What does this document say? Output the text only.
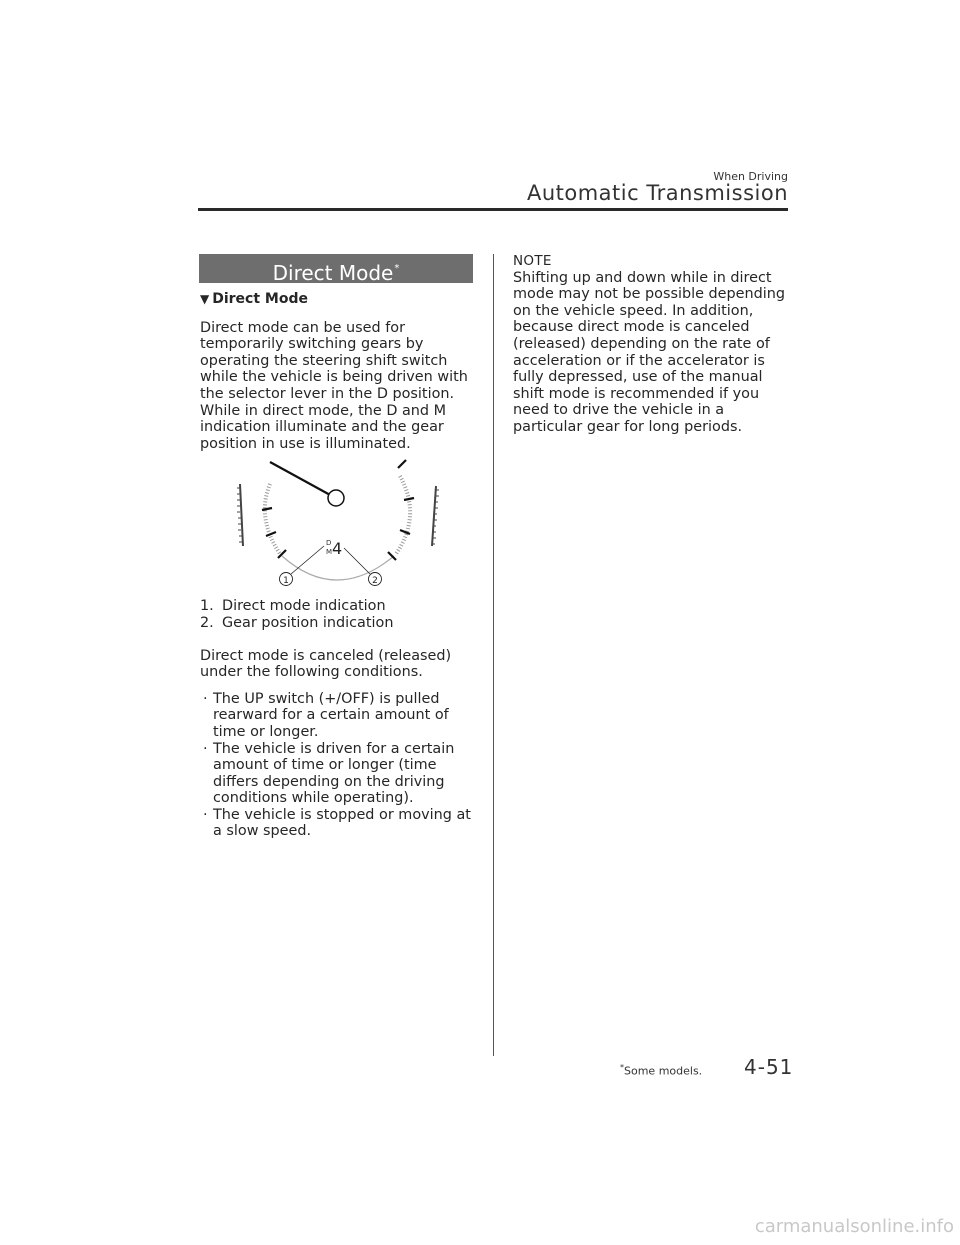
When Driving
Automatic Transmission
Direct Mode*
▼ Direct Mode

Direct mode can be used for temporarily switching gears by operating the steering shift switch while the vehicle is being driven with the selector lever in the D position. While in direct mode, the D and M indication illuminate and the gear position in use is illuminated.

D
M 4
1	2
1. Direct mode indication
2. Gear position indication

Direct mode is canceled (released) under the following conditions.

· The UP switch (+/OFF) is pulled rearward for a certain amount of time or longer.
· The vehicle is driven for a certain amount of time or longer (time differs depending on the driving conditions while operating).
· The vehicle is stopped or moving at a slow speed.
NOTE

Shifting up and down while in direct mode may not be possible depending on the vehicle speed. In addition, because direct mode is canceled (released) depending on the rate of acceleration or if the accelerator is fully depressed, use of the manual shift mode is recommended if you need to drive the vehicle in a particular gear for long periods.

*Some models. 4-51
carmanualsonline.info
